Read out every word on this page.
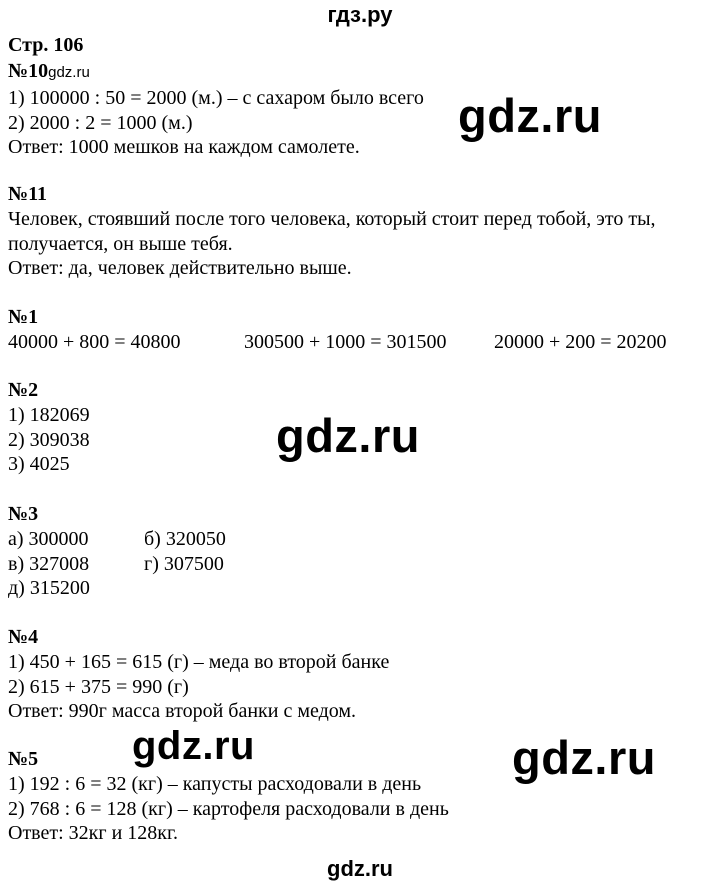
гдз.ру
Стр. 106
№10gdz.ru
1) 100000 : 50 = 2000 (м.) – с сахаром было всего
2) 2000 : 2 = 1000 (м.)
Ответ: 1000 мешков на каждом самолете.
№11
Человек, стоявший после того человека, который стоит перед тобой, это ты,
получается, он выше тебя.
Ответ: да, человек действительно выше.
№1
40000 + 800 = 40800	300500 + 1000 = 301500	20000 + 200 = 20200
№2
1) 182069
2) 309038
3) 4025
№3
а) 300000	б) 320050
в) 327008	г) 307500
д) 315200
№4
1) 450 + 165 = 615 (г) – меда во второй банке
2) 615 + 375 = 990 (г)
Ответ: 990г масса второй банки с медом.
№5
1) 192 : 6 = 32 (кг) – капусты расходовали в день
2) 768 : 6 = 128 (кг) – картофеля расходовали в день
Ответ: 32кг и 128кг.
gdz.ru
gdz.ru
gdz.ru	gdz.ru
gdz.ru
